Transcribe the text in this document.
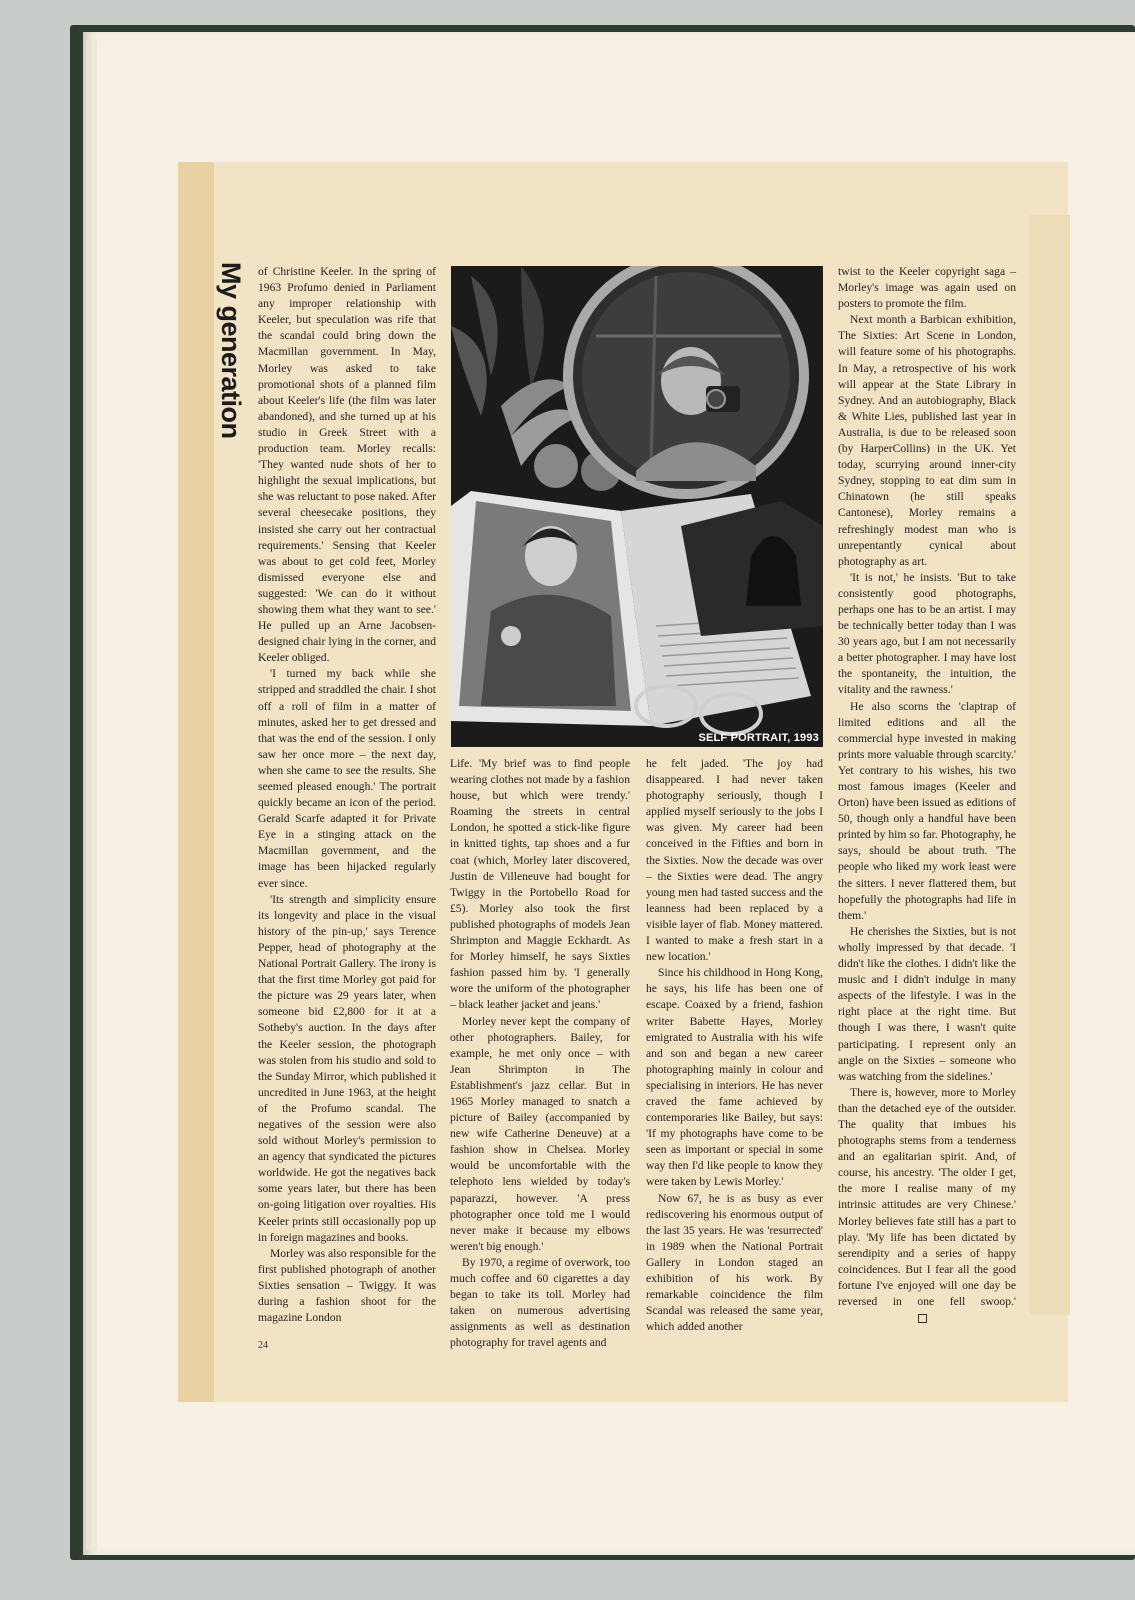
My generation of Christine Keeler. In the spring of 1963 Profumo denied in Parliament any improper relationship with Keeler, but speculation was rife that the scandal could bring down the Macmillan government. In May, Morley was asked to take promotional shots of a planned film about Keeler's life (the film was later abandoned), and she turned up at his studio in Greek Street with a production team. Morley recalls: 'They wanted nude shots of her to highlight the sexual implications, but she was reluctant to pose naked. After several cheesecake positions, they insisted she carry out her contractual requirements.' Sensing that Keeler was about to get cold feet, Morley dismissed everyone else and suggested: 'We can do it without showing them what they want to see.' He pulled up an Arne Jacobsen-designed chair lying in the corner, and Keeler obliged.

'I turned my back while she stripped and straddled the chair. I shot off a roll of film in a matter of minutes, asked her to get dressed and that was the end of the session. I only saw her once more – the next day, when she came to see the results. She seemed pleased enough.' The portrait quickly became an icon of the period. Gerald Scarfe adapted it for Private Eye in a stinging attack on the Macmillan government, and the image has been hijacked regularly ever since.

'Its strength and simplicity ensure its longevity and place in the visual history of the pin-up,' says Terence Pepper, head of photography at the National Portrait Gallery. The irony is that the first time Morley got paid for the picture was 29 years later, when someone bid £2,800 for it at a Sotheby's auction. In the days after the Keeler session, the photograph was stolen from his studio and sold to the Sunday Mirror, which published it uncredited in June 1963, at the height of the Profumo scandal. The negatives of the session were also sold without Morley's permission to an agency that syndicated the pictures worldwide. He got the negatives back some years later, but there has been on-going litigation over royalties. His Keeler prints still occasionally pop up in foreign magazines and books.

Morley was also responsible for the first published photograph of another Sixties sensation – Twiggy. It was during a fashion shoot for the magazine London

SELF PORTRAIT, 1993

Life. 'My brief was to find people wearing clothes not made by a fashion house, but which were trendy.' Roaming the streets in central London, he spotted a stick-like figure in knitted tights, tap shoes and a fur coat (which, Morley later discovered, Justin de Villeneuve had bought for Twiggy in the Portobello Road for £5). Morley also took the first published photographs of models Jean Shrimpton and Maggie Eckhardt. As for Morley himself, he says Sixties fashion passed him by. 'I generally wore the uniform of the photographer – black leather jacket and jeans.'

Morley never kept the company of other photographers. Bailey, for example, he met only once – with Jean Shrimpton in The Establishment's jazz cellar. But in 1965 Morley managed to snatch a picture of Bailey (accompanied by new wife Catherine Deneuve) at a fashion show in Chelsea. Morley would be uncomfortable with the telephoto lens wielded by today's paparazzi, however. 'A press photographer once told me I would never make it because my elbows weren't big enough.'

By 1970, a regime of overwork, too much coffee and 60 cigarettes a day began to take its toll. Morley had taken on numerous advertising assignments as well as destination photography for travel agents and

he felt jaded. 'The joy had disappeared. I had never taken photography seriously, though I applied myself seriously to the jobs I was given. My career had been conceived in the Fifties and born in the Sixties. Now the decade was over – the Sixties were dead. The angry young men had tasted success and the leanness had been replaced by a visible layer of flab. Money mattered. I wanted to make a fresh start in a new location.'

Since his childhood in Hong Kong, he says, his life has been one of escape. Coaxed by a friend, fashion writer Babette Hayes, Morley emigrated to Australia with his wife and son and began a new career photographing mainly in colour and specialising in interiors. He has never craved the fame achieved by contemporaries like Bailey, but says: 'If my photographs have come to be seen as important or special in some way then I'd like people to know they were taken by Lewis Morley.'

Now 67, he is as busy as ever rediscovering his enormous output of the last 35 years. He was 'resurrected' in 1989 when the National Portrait Gallery in London staged an exhibition of his work. By remarkable coincidence the film Scandal was released the same year, which added another

twist to the Keeler copyright saga – Morley's image was again used on posters to promote the film.

Next month a Barbican exhibition, The Sixties: Art Scene in London, will feature some of his photographs. In May, a retrospective of his work will appear at the State Library in Sydney. And an autobiography, Black & White Lies, published last year in Australia, is due to be released soon (by HarperCollins) in the UK. Yet today, scurrying around inner-city Sydney, stopping to eat dim sum in Chinatown (he still speaks Cantonese), Morley remains a refreshingly modest man who is unrepentantly cynical about photography as art.

'It is not,' he insists. 'But to take consistently good photographs, perhaps one has to be an artist. I may be technically better today than I was 30 years ago, but I am not necessarily a better photographer. I may have lost the spontaneity, the intuition, the vitality and the rawness.'

He also scorns the 'claptrap of limited editions and all the commercial hype invested in making prints more valuable through scarcity.' Yet contrary to his wishes, his two most famous images (Keeler and Orton) have been issued as editions of 50, though only a handful have been printed by him so far. Photography, he says, should be about truth. 'The people who liked my work least were the sitters. I never flattered them, but hopefully the photographs had life in them.'

He cherishes the Sixties, but is not wholly impressed by that decade. 'I didn't like the clothes. I didn't like the music and I didn't indulge in many aspects of the lifestyle. I was in the right place at the right time. But though I was there, I wasn't quite participating. I represent only an angle on the Sixties – someone who was watching from the sidelines.'

There is, however, more to Morley than the detached eye of the outsider. The quality that imbues his photographs stems from a tenderness and an egalitarian spirit. And, of course, his ancestry. 'The older I get, the more I realise many of my intrinsic attitudes are very Chinese.' Morley believes fate still has a part to play. 'My life has been dictated by serendipity and a series of happy coincidences. But I fear all the good fortune I've enjoyed will one day be reversed in one fell swoop.'

24
